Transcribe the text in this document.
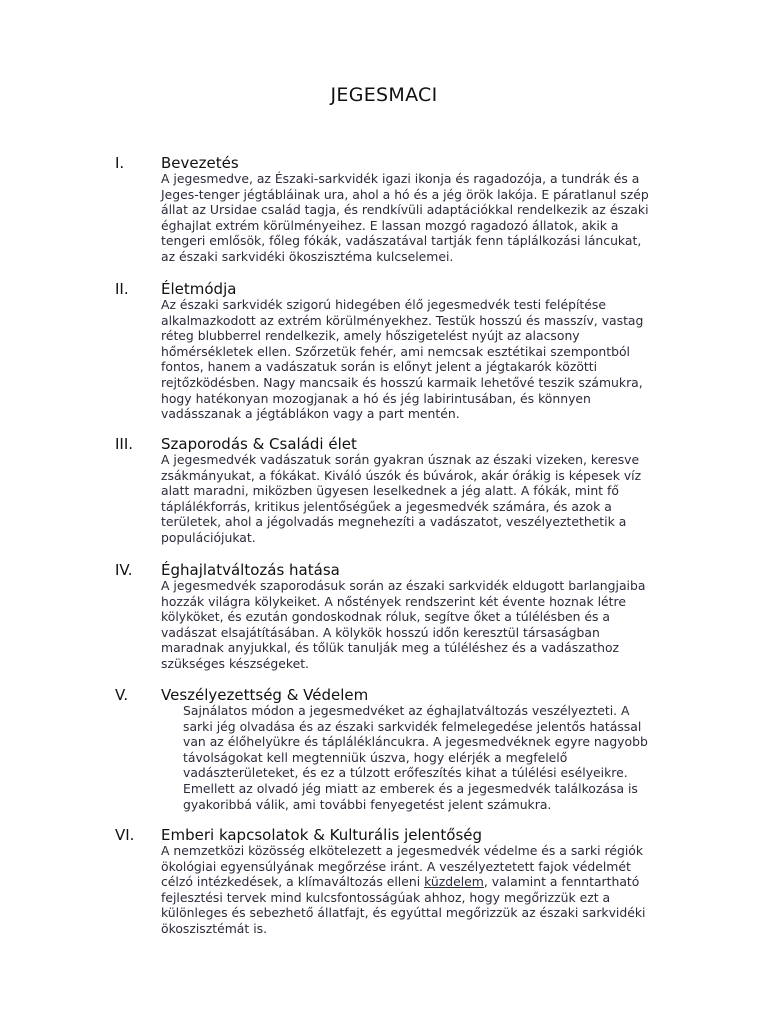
JEGESMACI
I. Bevezetés
A jegesmedve, az Északi-sarkvidék igazi ikonja és ragadozója, a tundrák és a
Jeges-tenger jégtábláinak ura, ahol a hó és a jég örök lakója. E páratlanul szép
állat az Ursidae család tagja, és rendkívüli adaptációkkal rendelkezik az északi
éghajlat extrém körülményeihez. E lassan mozgó ragadozó állatok, akik a
tengeri emlősök, főleg fókák, vadászatával tartják fenn táplálkozási láncukat,
az északi sarkvidéki ökoszisztéma kulcselemei.
II. Életmódja
Az északi sarkvidék szigorú hidegében élő jegesmedvék testi felépítése
alkalmazkodott az extrém körülményekhez. Testük hosszú és masszív, vastag
réteg blubberrel rendelkezik, amely hőszigetelést nyújt az alacsony
hőmérsékletek ellen. Szőrzetük fehér, ami nemcsak esztétikai szempontból
fontos, hanem a vadászatuk során is előnyt jelent a jégtakarók közötti
rejtőzködésben. Nagy mancsaik és hosszú karmaik lehetővé teszik számukra,
hogy hatékonyan mozogjanak a hó és jég labirintusában, és könnyen
vadásszanak a jégtáblákon vagy a part mentén.
III. Szaporodás & Családi élet
A jegesmedvék vadászatuk során gyakran úsznak az északi vizeken, keresve
zsákmányukat, a fókákat. Kiváló úszók és búvárok, akár órákig is képesek víz
alatt maradni, miközben ügyesen leselkednek a jég alatt. A fókák, mint fő
táplálékforrás, kritikus jelentőségűek a jegesmedvék számára, és azok a
területek, ahol a jégolvadás megnehezíti a vadászatot, veszélyeztethetik a
populációjukat.
IV. Éghajlatváltozás hatása
A jegesmedvék szaporodásuk során az északi sarkvidék eldugott barlangjaiba
hozzák világra kölykeiket. A nőstények rendszerint két évente hoznak létre
kölyköket, és ezután gondoskodnak róluk, segítve őket a túlélésben és a
vadászat elsajátításában. A kölykök hosszú időn keresztül társaságban
maradnak anyjukkal, és tőlük tanulják meg a túléléshez és a vadászathoz
szükséges készségeket.
V. Veszélyezettség & Védelem
Sajnálatos módon a jegesmedvéket az éghajlatváltozás veszélyezteti. A
sarki jég olvadása és az északi sarkvidék felmelegedése jelentős hatással
van az élőhelyükre és táplálékláncukra. A jegesmedvéknek egyre nagyobb
távolságokat kell megtenniük úszva, hogy elérjék a megfelelő
vadászterületeket, és ez a túlzott erőfeszítés kihat a túlélési esélyeikre.
Emellett az olvadó jég miatt az emberek és a jegesmedvék találkozása is
gyakoribbá válik, ami további fenyegetést jelent számukra.
VI. Emberi kapcsolatok & Kulturális jelentőség
A nemzetközi közösség elkötelezett a jegesmedvék védelme és a sarki régiók
ökológiai egyensúlyának megőrzése iránt. A veszélyeztetett fajok védelmét
célzó intézkedések, a klímaváltozás elleni küzdelem, valamint a fenntartható
fejlesztési tervek mind kulcsfontosságúak ahhoz, hogy megőrizzük ezt a
különleges és sebezhető állatfajt, és egyúttal megőrizzük az északi sarkvidéki
ökoszisztémát is.
